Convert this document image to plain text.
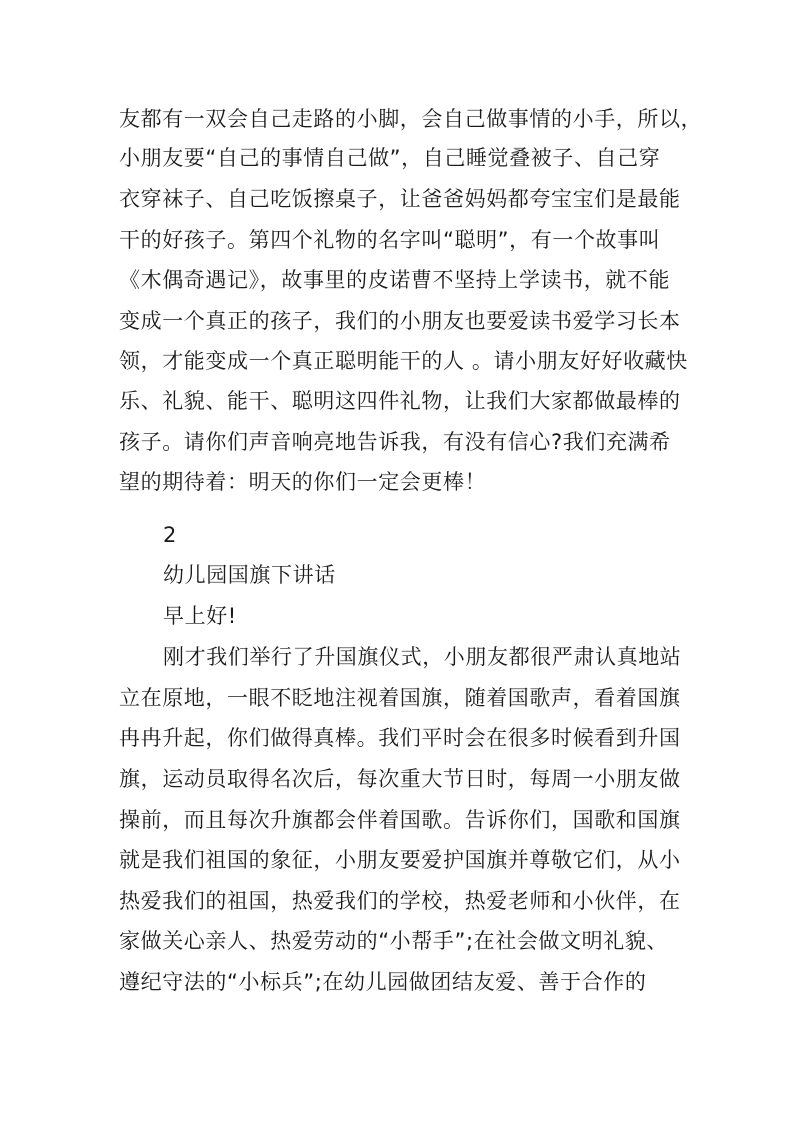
友都有一双会自己走路的小脚，会自己做事情的小手，所以，
小朋友要“自己的事情自己做”，自己睡觉叠被子、自己穿
衣穿袜子、自己吃饭擦桌子，让爸爸妈妈都夸宝宝们是最能
干的好孩子。第四个礼物的名字叫“聪明”，有一个故事叫
《木偶奇遇记》，故事里的皮诺曹不坚持上学读书，就不能
变成一个真正的孩子，我们的小朋友也要爱读书爱学习长本
领，才能变成一个真正聪明能干的人 。请小朋友好好收藏快
乐、礼貌、能干、聪明这四件礼物，让我们大家都做最棒的
孩子。请你们声音响亮地告诉我，有没有信心?我们充满希
望的期待着：明天的你们一定会更棒！
2
幼儿园国旗下讲话
早上好!
刚才我们举行了升国旗仪式，小朋友都很严肃认真地站
立在原地，一眼不眨地注视着国旗，随着国歌声，看着国旗
冉冉升起，你们做得真棒。我们平时会在很多时候看到升国
旗，运动员取得名次后，每次重大节日时，每周一小朋友做
操前，而且每次升旗都会伴着国歌。告诉你们，国歌和国旗
就是我们祖国的象征，小朋友要爱护国旗并尊敬它们，从小
热爱我们的祖国，热爱我们的学校，热爱老师和小伙伴，在
家做关心亲人、热爱劳动的“小帮手”;在社会做文明礼貌、
遵纪守法的“小标兵”;在幼儿园做团结友爱、善于合作的
